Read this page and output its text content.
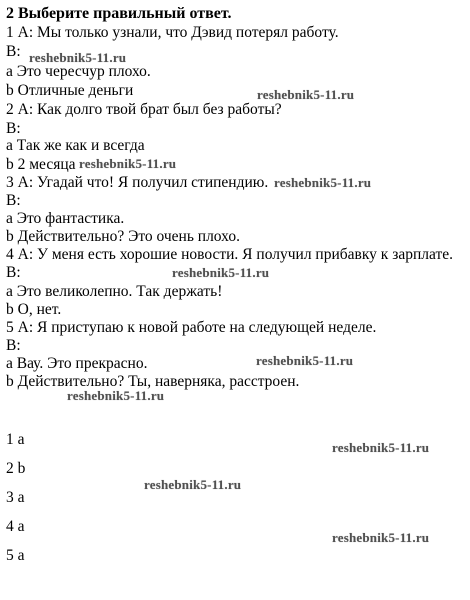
2 Выберите правильный ответ.
1 А: Мы только узнали, что Дэвид потерял работу.
В:
a Это чересчур плохо.
b Отличные деньги
2 А: Как долго твой брат был без работы?
В:
a Так же как и всегда
b 2 месяца
3 А: Угадай что! Я получил стипендию.
В:
a Это фантастика.
b Действительно? Это очень плохо.
4 А: У меня есть хорошие новости. Я получил прибавку к зарплате.
В:
a Это великолепно. Так держать!
b О, нет.
5 А: Я приступаю к новой работе на следующей неделе.
В:
a Вау. Это прекрасно.
b Действительно? Ты, наверняка, расстроен.
1 a
2 b
3 a
4 a
5 a
reshebnik5-11.ru
reshebnik5-11.ru
reshebnik5-11.ru
reshebnik5-11.ru
reshebnik5-11.ru
reshebnik5-11.ru
reshebnik5-11.ru
reshebnik5-11.ru
reshebnik5-11.ru
reshebnik5-11.ru
